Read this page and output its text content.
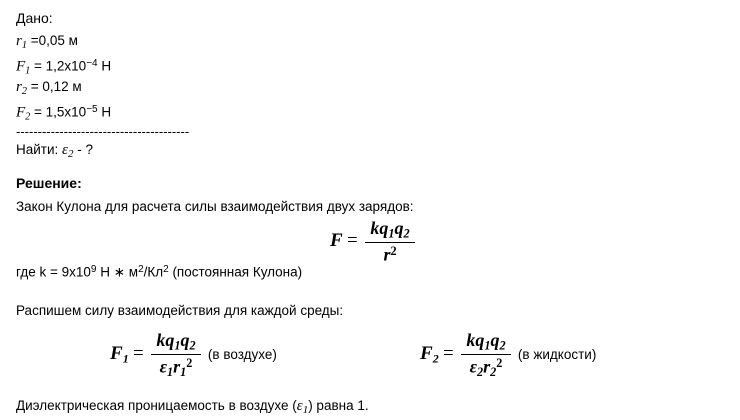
Дано:
$r_1 =0,05$ м
$F_1 = 1,2x10^{-4}$ Н
$r_2 = 0,12$ м
$F_2 = 1,5x10^{-5}$ Н
----------------------------------------
Найти: $\varepsilon_2$ - ?
Решение:
Закон Кулона для расчета силы взаимодействия двух зарядов:
$F = \frac{kq_1q_2}{r^2}$
где $k = 9x10^9$ Н ∗ $м^2/Кл^2$ (постоянная Кулона)
Распишем силу взаимодействия для каждой среды:
$F_1 = \frac{kq_1q_2}{\varepsilon_1r_1^2} (в$ воздухе)	$F_2 = \frac{kq_1q_2}{\varepsilon_2r_2^2} (в$ жидкости)
Диэлектрическая проницаемость в воздухе $(\varepsilon_1)$ равна 1.
